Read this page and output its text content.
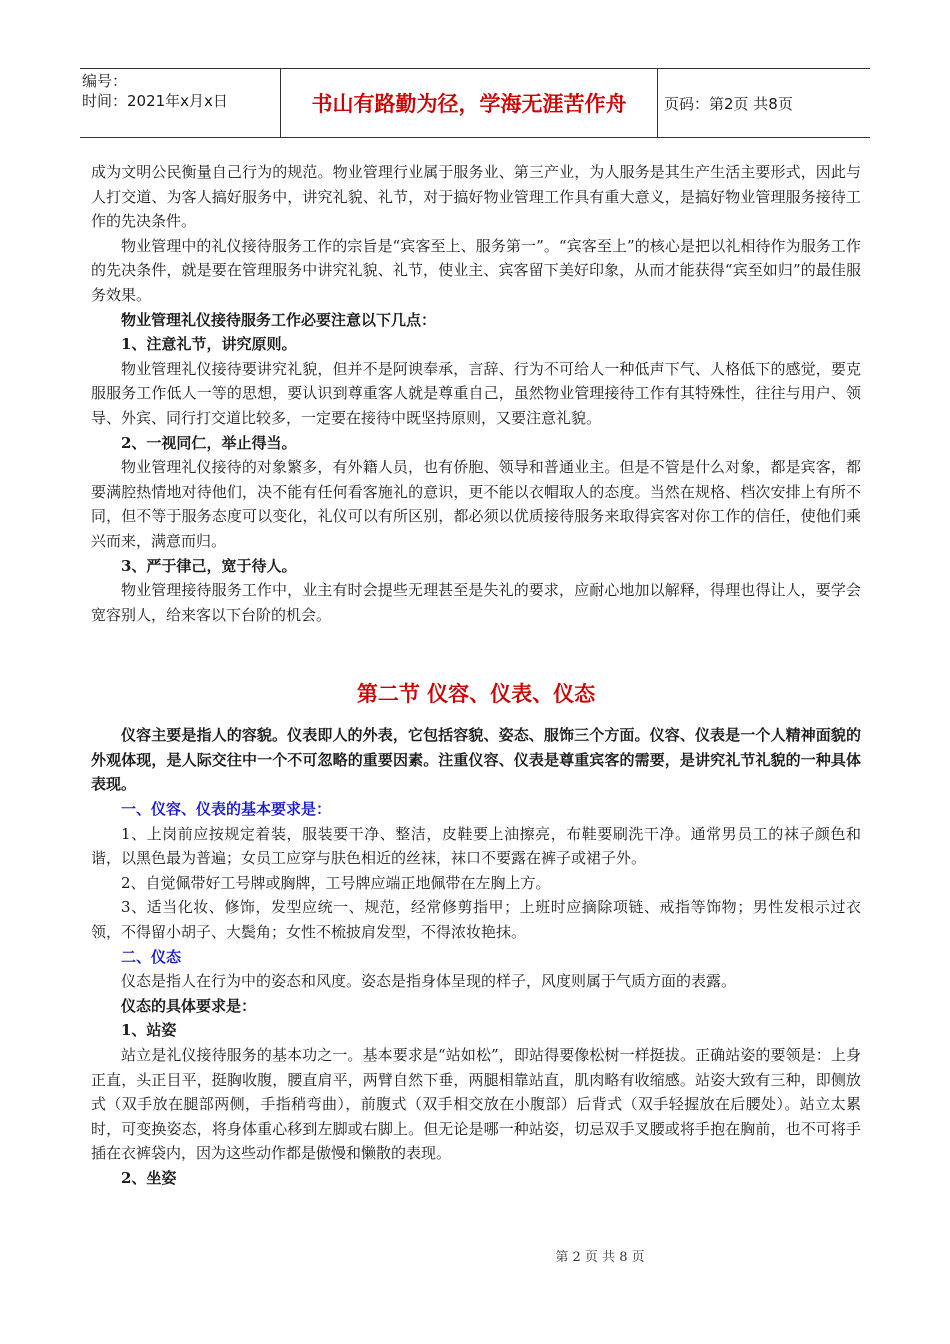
编号：
时间：2021年x月x日	书山有路勤为径，学海无涯苦作舟	页码：第2页 共8页

成为文明公民衡量自己行为的规范。物业管理行业属于服务业、第三产业，为人服务是其生产生活主要形式，因此与人打交道、为客人搞好服务中，讲究礼貌、礼节，对于搞好物业管理工作具有重大意义，是搞好物业管理服务接待工作的先决条件。

物业管理中的礼仪接待服务工作的宗旨是“宾客至上、服务第一”。“宾客至上”的核心是把以礼相待作为服务工作的先决条件，就是要在管理服务中讲究礼貌、礼节，使业主、宾客留下美好印象，从而才能获得“宾至如归”的最佳服务效果。

物业管理礼仪接待服务工作必要注意以下几点：

1、注意礼节，讲究原则。

物业管理礼仪接待要讲究礼貌，但并不是阿谀奉承，言辞、行为不可给人一种低声下气、人格低下的感觉，要克服服务工作低人一等的思想，要认识到尊重客人就是尊重自己，虽然物业管理接待工作有其特殊性，往往与用户、领导、外宾、同行打交道比较多，一定要在接待中既坚持原则，又要注意礼貌。

2、一视同仁，举止得当。

物业管理礼仪接待的对象繁多，有外籍人员，也有侨胞、领导和普通业主。但是不管是什么对象，都是宾客，都要满腔热情地对待他们，决不能有任何看客施礼的意识，更不能以衣帽取人的态度。当然在规格、档次安排上有所不同，但不等于服务态度可以变化，礼仪可以有所区别，都必须以优质接待服务来取得宾客对你工作的信任，使他们乘兴而来，满意而归。

3、严于律己，宽于待人。

物业管理接待服务工作中，业主有时会提些无理甚至是失礼的要求，应耐心地加以解释，得理也得让人，要学会宽容别人，给来客以下台阶的机会。

第二节 仪容、仪表、仪态

仪容主要是指人的容貌。仪表即人的外表，它包括容貌、姿态、服饰三个方面。仪容、仪表是一个人精神面貌的外观体现，是人际交往中一个不可忽略的重要因素。注重仪容、仪表是尊重宾客的需要，是讲究礼节礼貌的一种具体表现。

一、仪容、仪表的基本要求是：

1、上岗前应按规定着装，服装要干净、整洁，皮鞋要上油擦亮，布鞋要刷洗干净。通常男员工的袜子颜色和谐，以黑色最为普遍；女员工应穿与肤色相近的丝袜，袜口不要露在裤子或裙子外。

2、自觉佩带好工号牌或胸牌，工号牌应端正地佩带在左胸上方。

3、适当化妆、修饰，发型应统一、规范，经常修剪指甲；上班时应摘除项链、戒指等饰物；男性发根示过衣领，不得留小胡子、大鬓角；女性不梳披肩发型，不得浓妆艳抹。

二、仪态

仪态是指人在行为中的姿态和风度。姿态是指身体呈现的样子，风度则属于气质方面的表露。

仪态的具体要求是：

1、站姿

站立是礼仪接待服务的基本功之一。基本要求是“站如松”，即站得要像松树一样挺拔。正确站姿的要领是：上身正直，头正目平，挺胸收腹，腰直肩平，两臂自然下垂，两腿相靠站直，肌肉略有收缩感。站姿大致有三种，即侧放式（双手放在腿部两侧，手指稍弯曲），前腹式（双手相交放在小腹部）后背式（双手轻握放在后腰处）。站立太累时，可变换姿态，将身体重心移到左脚或右脚上。但无论是哪一种站姿，切忌双手叉腰或将手抱在胸前，也不可将手插在衣裤袋内，因为这些动作都是傲慢和懒散的表现。

2、坐姿

第 2 页 共 8 页
